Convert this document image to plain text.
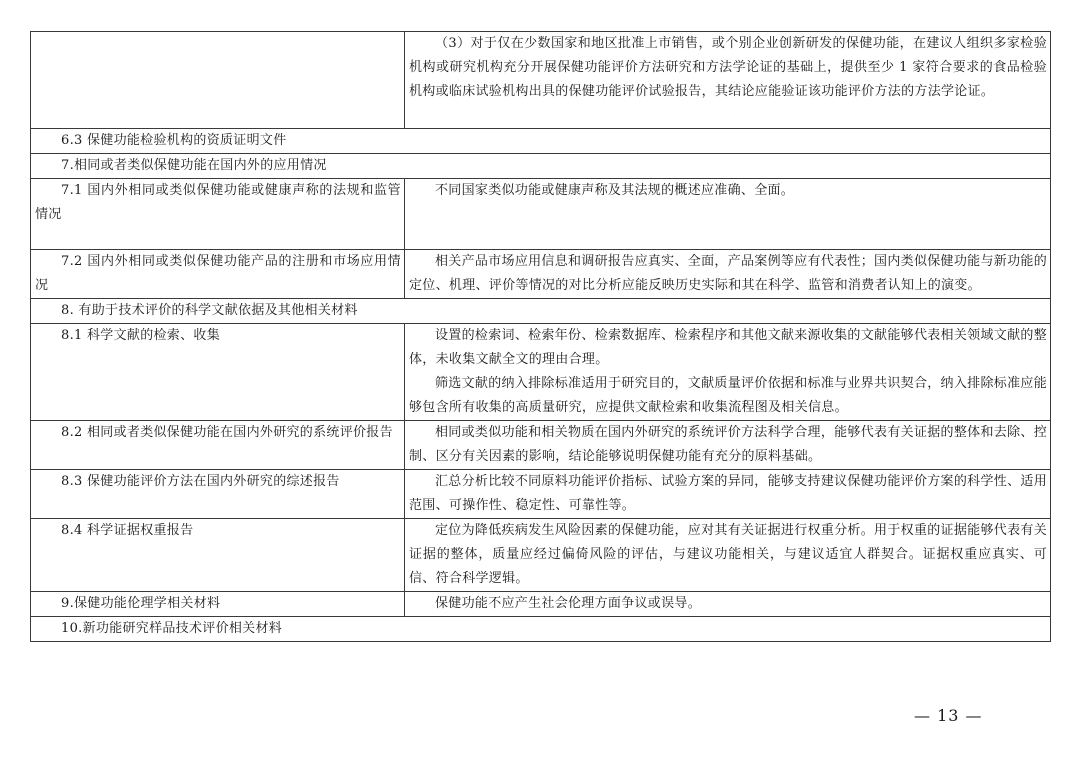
	（3）对于仅在少数国家和地区批准上市销售，或个别企业创新研发的保健功能，在建议人组织多家检验机构或研究机构充分开展保健功能评价方法研究和方法学论证的基础上，提供至少 1 家符合要求的食品检验机构或临床试验机构出具的保健功能评价试验报告，其结论应能验证该功能评价方法的方法学论证。

6.3 保健功能检验机构的资质证明文件	
7.相同或者类似保健功能在国内外的应用情况	

7.1 国内外相同或类似保健功能或健康声称的法规和监管情况	不同国家类似功能或健康声称及其法规的概述应准确、全面。

7.2 国内外相同或类似保健功能产品的注册和市场应用情况	相关产品市场应用信息和调研报告应真实、全面，产品案例等应有代表性；国内类似保健功能与新功能的定位、机理、评价等情况的对比分析应能反映历史实际和其在科学、监管和消费者认知上的演变。

8. 有助于技术评价的科学文献依据及其他相关材料	

8.1 科学文献的检索、收集	设置的检索词、检索年份、检索数据库、检索程序和其他文献来源收集的文献能够代表相关领域文献的整体，未收集文献全文的理由合理。

筛选文献的纳入排除标准适用于研究目的，文献质量评价依据和标准与业界共识契合，纳入排除标准应能够包含所有收集的高质量研究，应提供文献检索和收集流程图及相关信息。

8.2 相同或者类似保健功能在国内外研究的系统评价报告	相同或类似功能和相关物质在国内外研究的系统评价方法科学合理，能够代表有关证据的整体和去除、控制、区分有关因素的影响，结论能够说明保健功能有充分的原料基础。

8.3 保健功能评价方法在国内外研究的综述报告	汇总分析比较不同原料功能评价指标、试验方案的异同，能够支持建议保健功能评价方案的科学性、适用范围、可操作性、稳定性、可靠性等。

8.4 科学证据权重报告	定位为降低疾病发生风险因素的保健功能，应对其有关证据进行权重分析。用于权重的证据能够代表有关证据的整体，质量应经过偏倚风险的评估，与建议功能相关，与建议适宜人群契合。证据权重应真实、可信、符合科学逻辑。

9.保健功能伦理学相关材料	保健功能不应产生社会伦理方面争议或误导。

10.新功能研究样品技术评价相关材料	
— 13 —
